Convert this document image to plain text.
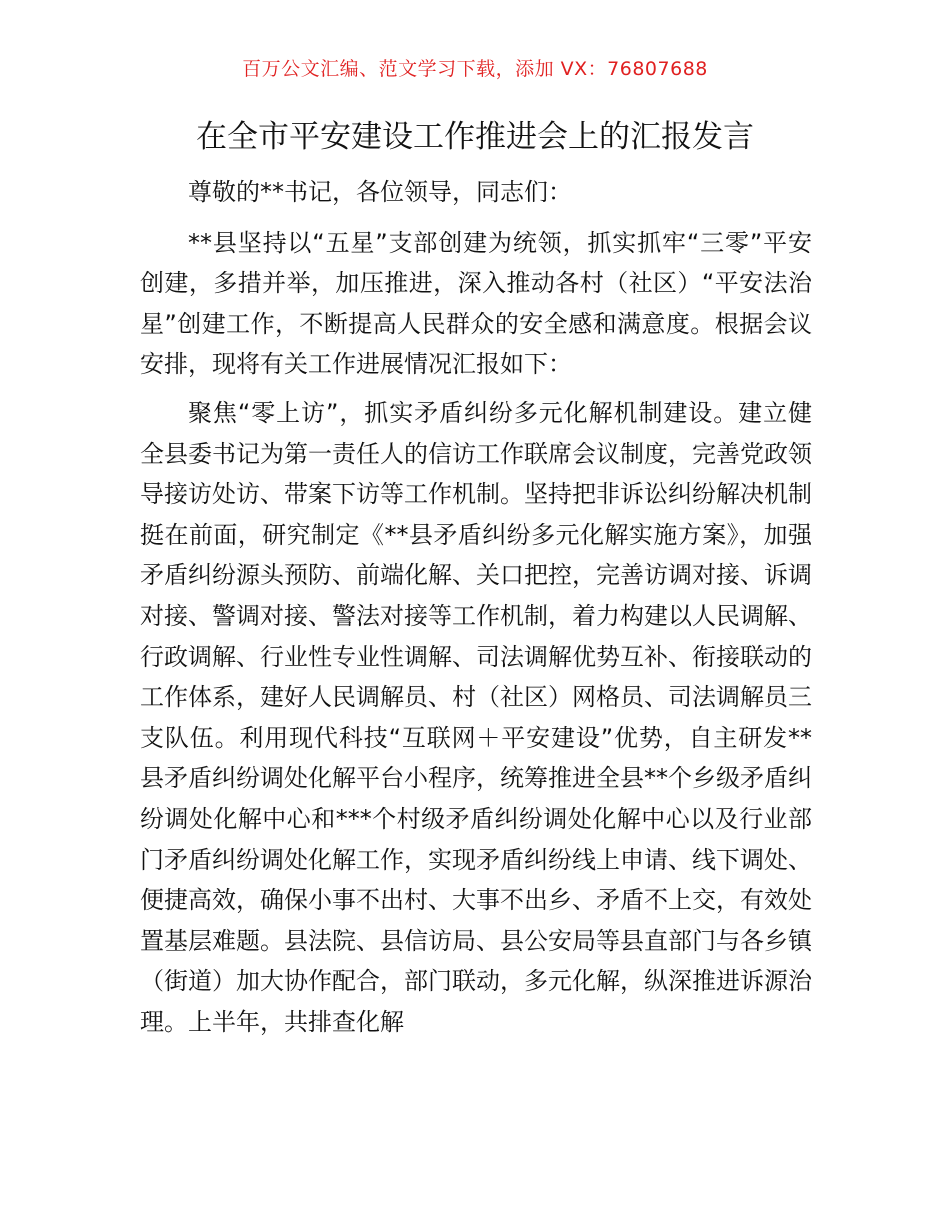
百万公文汇编、范文学习下载，添加 VX：76807688
在全市平安建设工作推进会上的汇报发言

尊敬的**书记，各位领导，同志们：

**县坚持以“五星”支部创建为统领，抓实抓牢“三零”平安创建，多措并举，加压推进，深入推动各村（社区）“平安法治星”创建工作，不断提高人民群众的安全感和满意度。根据会议安排，现将有关工作进展情况汇报如下：

聚焦“零上访”，抓实矛盾纠纷多元化解机制建设。建立健全县委书记为第一责任人的信访工作联席会议制度，完善党政领导接访处访、带案下访等工作机制。坚持把非诉讼纠纷解决机制挺在前面，研究制定《**县矛盾纠纷多元化解实施方案》，加强矛盾纠纷源头预防、前端化解、关口把控，完善访调对接、诉调对接、警调对接、警法对接等工作机制，着力构建以人民调解、行政调解、行业性专业性调解、司法调解优势互补、衔接联动的工作体系，建好人民调解员、村（社区）网格员、司法调解员三支队伍。利用现代科技“互联网＋平安建设”优势，自主研发**县矛盾纠纷调处化解平台小程序，统筹推进全县**个乡级矛盾纠纷调处化解中心和***个村级矛盾纠纷调处化解中心以及行业部门矛盾纠纷调处化解工作，实现矛盾纠纷线上申请、线下调处、便捷高效，确保小事不出村、大事不出乡、矛盾不上交，有效处置基层难题。县法院、县信访局、县公安局等县直部门与各乡镇（街道）加大协作配合，部门联动，多元化解，纵深推进诉源治理。上半年，共排查化解
